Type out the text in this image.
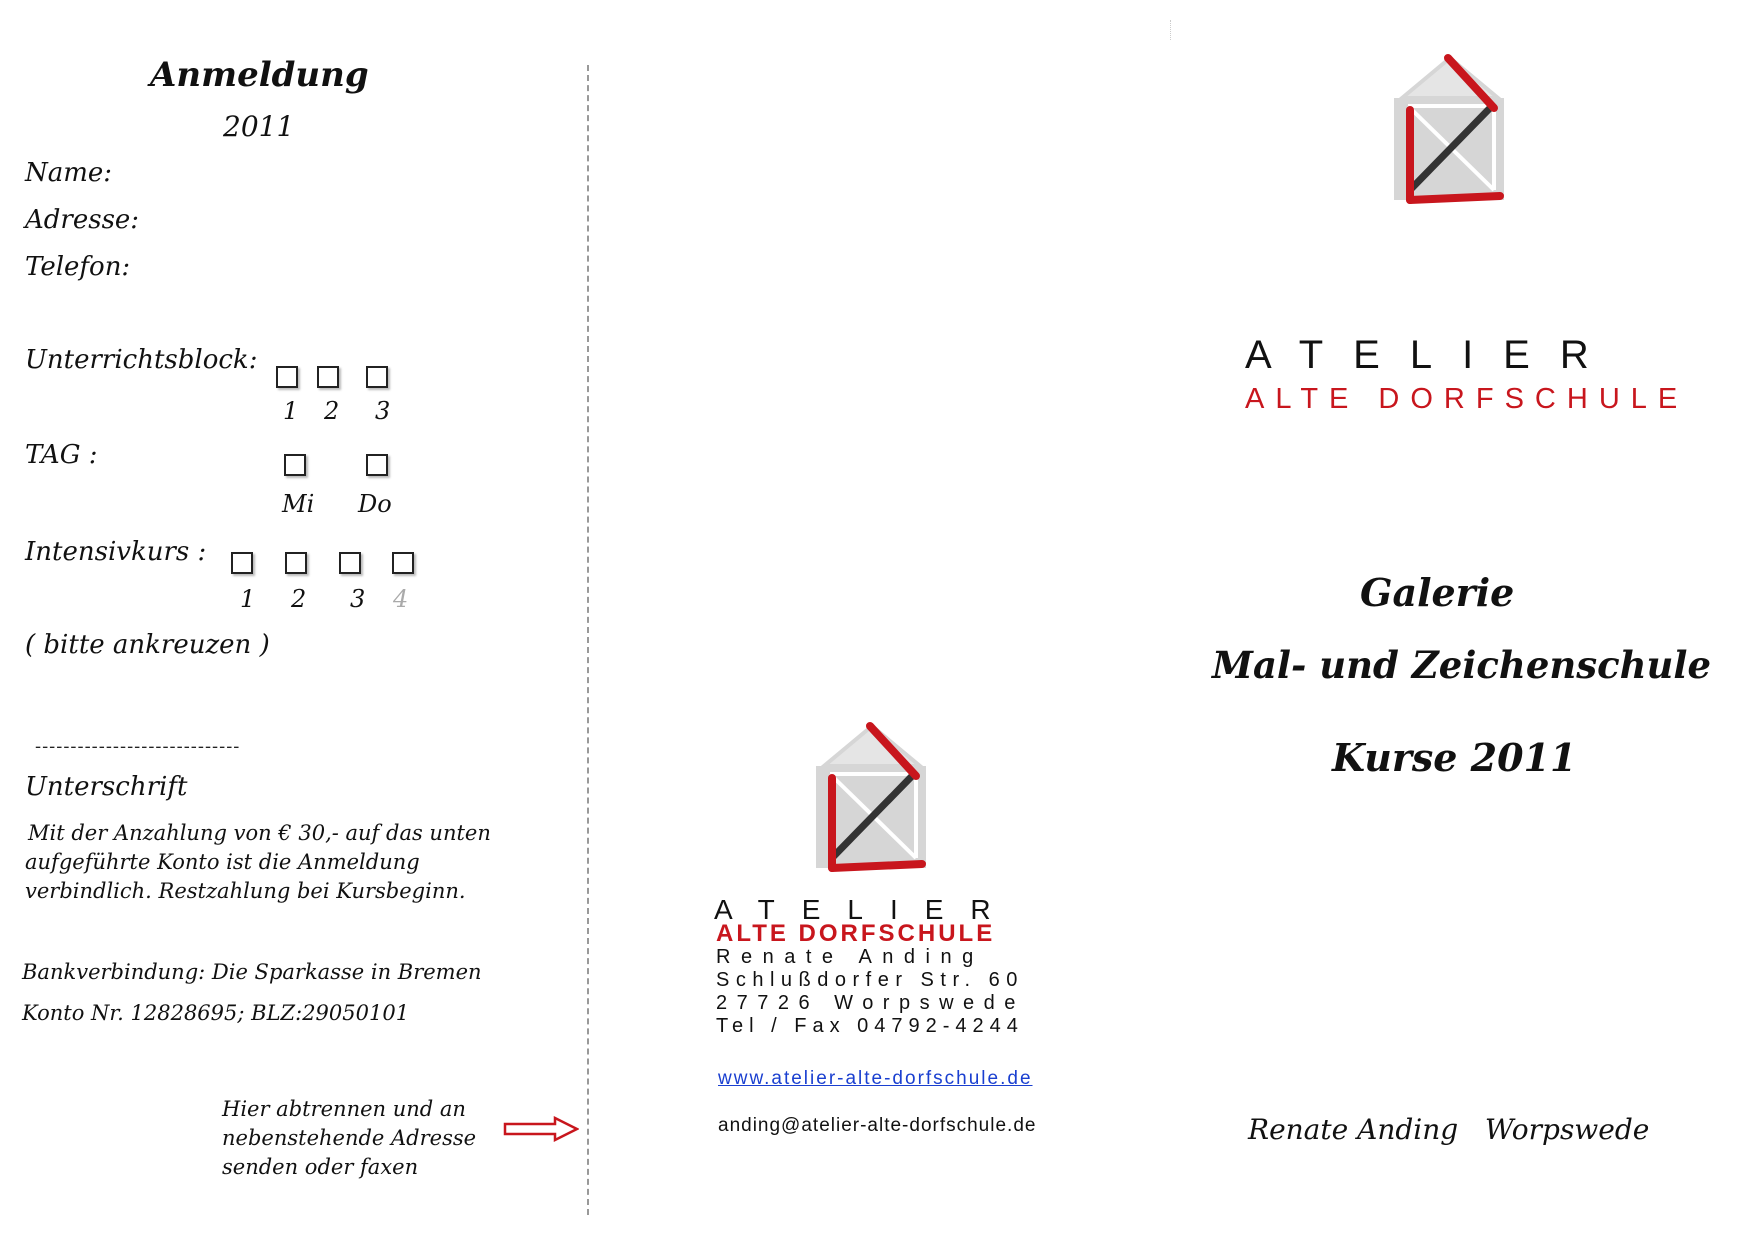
Anmeldung
2011
Name:
Adresse:
Telefon:
Unterrichtsblock:
1 2 3
TAG :
Mi Do
Intensivkurs :
1 2 3 4
( bitte ankreuzen )
-----------------------------
Unterschrift
Mit der Anzahlung von € 30,- auf das unten
aufgeführte Konto ist die Anmeldung
verbindlich. Restzahlung bei Kursbeginn.
Bankverbindung: Die Sparkasse in Bremen
Konto Nr. 12828695; BLZ:29050101
Hier abtrennen und an
nebenstehende Adresse
senden oder faxen
ATELIER
ALTE DORFSCHULE
Renate Anding
Schlußdorfer Str. 60
27726 Worpswede
Tel / Fax 04792-4244
www.atelier-alte-dorfschule.de
anding@atelier-alte-dorfschule.de
ATELIER
ALTE DORFSCHULE
Galerie
Mal- und Zeichenschule
Kurse 2011
Renate Anding   Worpswede
